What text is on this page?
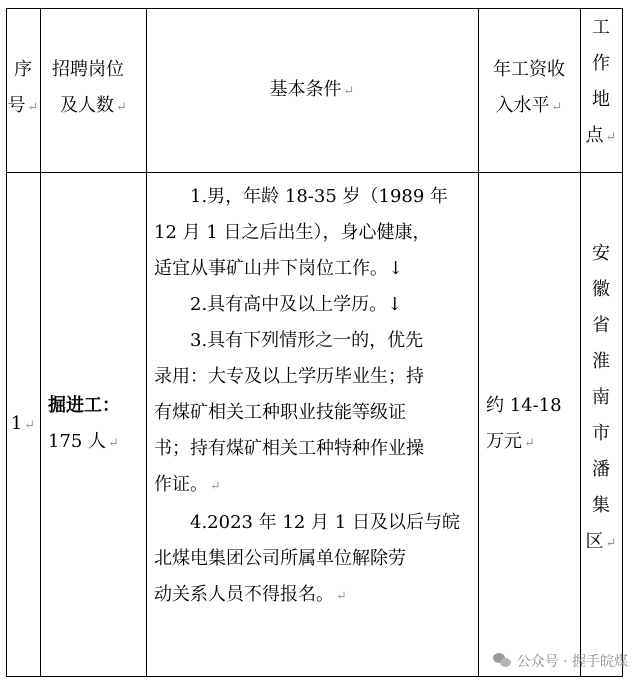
序
号 ↵
招聘岗位
及人数 ↵
基本条件 ↵
年工资收
入水平 ↵
工
作
地
点 ↵
1 ↵
掘进工：
175 人 ↵
1.男，年龄 18-35 岁（1989 年
12 月 1 日之后出生），身心健康，
适宜从事矿山井下岗位工作。↓
2.具有高中及以上学历。↓
3.具有下列情形之一的，优先
录用：大专及以上学历毕业生；持
有煤矿相关工种职业技能等级证
书；持有煤矿相关工种特种作业操
作证。 ↵
4.2023 年 12 月 1 日及以后与皖
北煤电集团公司所属单位解除劳
动关系人员不得报名。 ↵
约 14-18
万元 ↵
安
徽
省
淮
南
市
潘
集
区 ↵
公众号 · 握手皖煤
